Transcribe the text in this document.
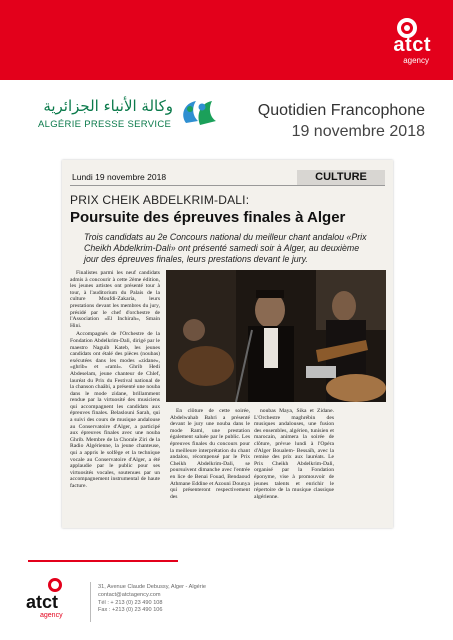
atct
agency
وكالة الأنباء الجزائرية
ALGÉRIE PRESSE SERVICE
Quotidien Francophone
19 novembre 2018
Lundi 19 novembre 2018	CULTURE
PRIX CHEIK ABDELKRIM-DALI:
Poursuite des épreuves finales à Alger
Trois candidats au 2e Concours national du meilleur chant andalou «Prix Cheikh Abdelkrim-Dali» ont présenté samedi soir à Alger, au deuxième jour des épreuves finales, leurs prestations devant le jury.

Finalistes parmi les neuf candidats admis à concourir à cette 2ème édition, les jeunes artistes ont présenté tour à tour, à l'auditorium du Palais de la culture Moufdi-Zakaria, leurs prestations devant les membres du jury, présidé par le chef d'orchestre de l'Association «El Inchirah», Smain Hini.

Accompagnés de l'Orchestre de la Fondation Abdelkrim-Dali, dirigé par le maestro Naguib Kateb, les jeunes candidats ont étalé des pièces (noubas) exécutées dans les modes «zidane», «ghrib» et «raml». Ghrib Hedi Abdeselam, jeune chanteur de Chlef, lauréat du Prix du Festival national de la chanson chaâbi, a présenté une nouba dans le mode zidane, brillamment rendue par la virtuosité des musiciens qui accompagnent les candidats aux épreuves finales. Belaslouni Sarah, qui a suivi des cours de musique andalouse au Conservatoire d'Alger, a participé aux épreuves finales avec une nouba Ghrib. Membre de la Chorale Ziri de la Radio Algérienne, la jeune chanteuse, qui a appris le solfège et la technique vocale au Conservatoire d'Alger, a été applaudie par le public pour ses virtuosités vocales, soutenues par un accompagnement instrumental de haute facture.

En clôture de cette soirée, Abdelwahab Bahri a présenté devant le jury une nouba dans le mode Raml, une prestation également saluée par le public. Les épreuves finales du concours pour la meilleure interprétation du chant andalou, récompensé par le Prix Cheikh Abdelkrim-Dali, se poursuivent dimanche avec l'entrée en lice de Benai Fouad, Bendaoud Athmane Eddine et Azouni Dounya qui présenteront respectivement des

noubas Maya, Sika et Zidane. L'Orchestre maghrébin des musiques andalouses, une fusion des ensembles, algérien, tunisien et marocain, animera la soirée de clôture, prévue lundi à l'Opéra d'Alger Boualem- Bessaïh, avec la remise des prix aux lauréats. Le Prix Cheikh Abdelkrim-Dali, organisé par la Fondation éponyme, vise à promouvoir de jeunes talents et enrichir le répertoire de la musique classique algérienne.

atct
agency
31, Avenue Claude Debussy, Alger - Algérie
contact@atctagency.com
Tél : + 213 (0) 23 490 108
Fax : +213 (0) 23 490 106
